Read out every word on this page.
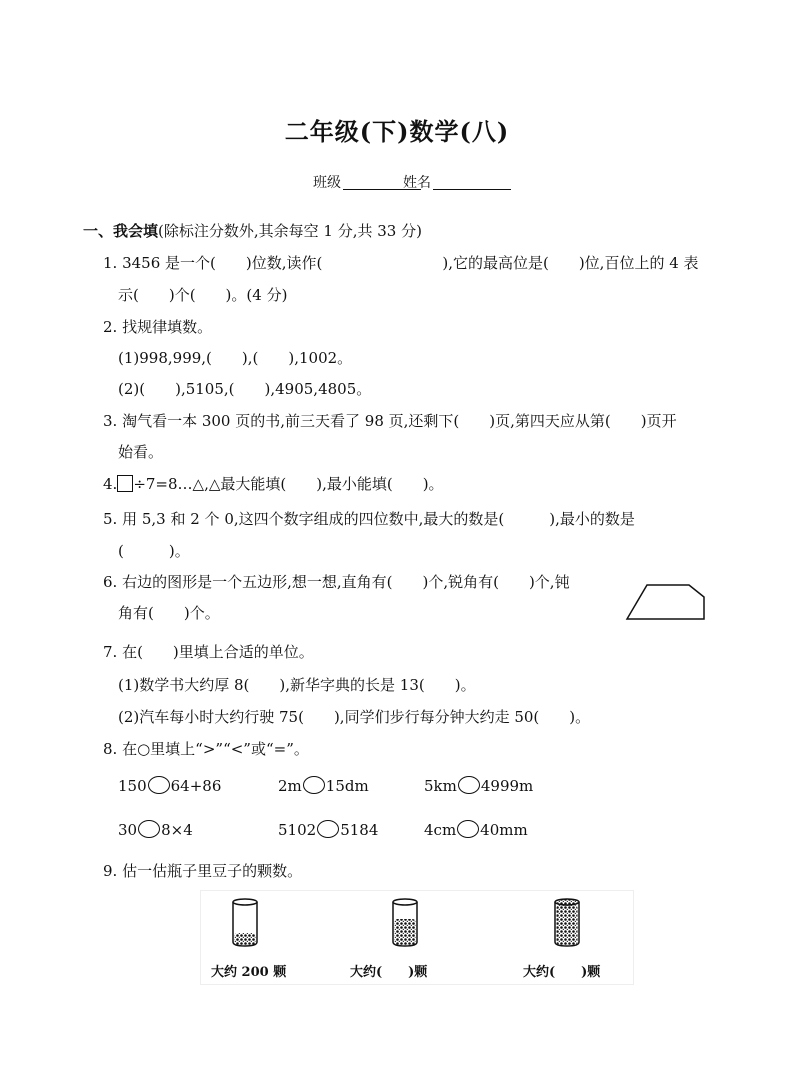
二年级(下)数学(八)
班级	姓名
一、我会填(除标注分数外,其余每空 1 分,共 33 分)
1. 3456 是一个(　　)位数,读作(　　　　　　　　),它的最高位是(　　)位,百位上的 4 表
示(　　)个(　　)。(4 分)
2. 找规律填数。
(1)998,999,(　　),(　　),1002。
(2)(　　),5105,(　　),4905,4805。
3. 淘气看一本 300 页的书,前三天看了 98 页,还剩下(　　)页,第四天应从第(　　)页开
始看。
4. ÷7=8…△,△最大能填(　　),最小能填(　　)。
5. 用 5,3 和 2 个 0,这四个数字组成的四位数中,最大的数是(　　　),最小的数是
(　　　)。
6. 右边的图形是一个五边形,想一想,直角有(　　)个,锐角有(　　)个,钝
角有(　　)个。
7. 在(　　)里填上合适的单位。
(1)数学书大约厚 8(　　),新华字典的长是 13(　　)。
(2)汽车每小时大约行驶 75(　　),同学们步行每分钟大约走 50(　　)。
8. 在○里填上“>”“<”或“=”。
150 64+86	2m 15dm	5km 4999m
30 8×4	5102 5184	4cm 40mm
9. 估一估瓶子里豆子的颗数。
大约 200 颗	大约(　　)颗	大约(　　)颗
